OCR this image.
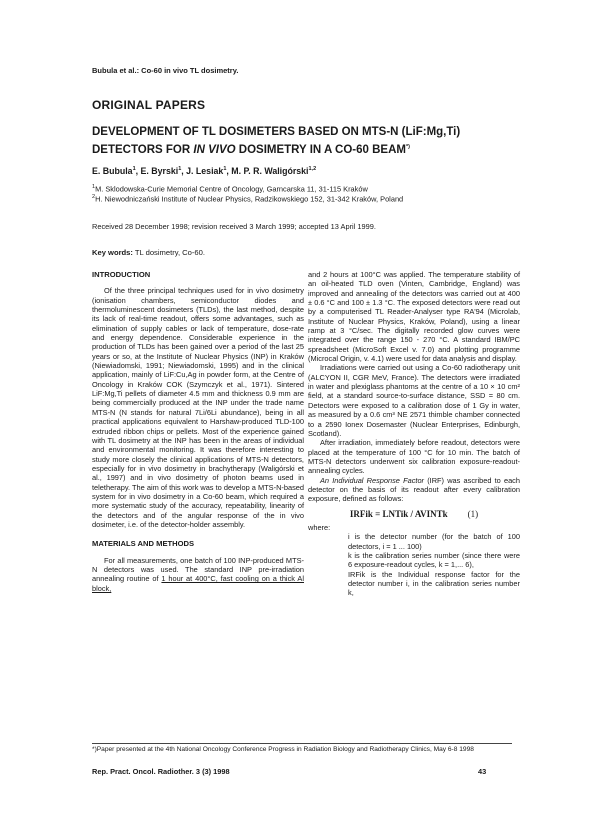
Bubula et al.: Co-60 in vivo TL dosimetry.
ORIGINAL PAPERS
DEVELOPMENT OF TL DOSIMETERS BASED ON MTS-N (LiF:Mg,Ti)
DETECTORS FOR IN VIVO DOSIMETRY IN A CO-60 BEAM*)
E. Bubula$^1$, E. Byrski$^1$, J. Lesiak$^1$, M. P. R. Waligórski$^{1,2}$
$^1$M. Sklodowska-Curie Memorial Centre of Oncology, Garncarska 11, 31-115 Kraków
$^2$H. Niewodniczański Institute of Nuclear Physics, Radzikowskiego 152, 31-342 Kraków, Poland
Received 28 December 1998; revision received 3 March 1999; accepted 13 April 1999.
Key words: TL dosimetry, Co-60.
INTRODUCTION

Of the three principal techniques used for in vivo dosimetry (ionisation chambers, semiconductor diodes and thermoluminescent dosimeters (TLDs), the last method, despite its lack of real-time readout, offers some advantages, such as elimination of supply cables or lack of temperature, dose-rate and energy dependence. Considerable experience in the production of TLDs has been gained over a period of the last 25 years or so, at the Institute of Nuclear Physics (INP) in Kraków (Niewiadomski, 1991; Niewiadomski, 1995) and in the clinical application, mainly of LiF:Cu,Ag in powder form, at the Centre of Oncology in Kraków COK (Szymczyk et al., 1971). Sintered LiF:Mg,Ti pellets of diameter 4.5 mm and thickness 0.9 mm are being commercially produced at the INP under the trade name MTS-N (N stands for natural 7Li/6Li abundance), being in all practical applications equivalent to Harshaw-produced TLD-100 extruded ribbon chips or pellets. Most of the experience gained with TL dosimetry at the INP has been in the areas of individual and environmental monitoring. It was therefore interesting to study more closely the clinical applications of MTS-N detectors, especially for in vivo dosimetry in brachytherapy (Waligórski et al., 1997) and in vivo dosimetry of photon beams used in teletherapy. The aim of this work was to develop a MTS-N-based system for in vivo dosimetry in a Co-60 beam, which required a more systematic study of the accuracy, repeatability, linearity of the detectors and of the angular response of the in vivo dosimeter, i.e. of the detector-holder assembly.

MATERIALS AND METHODS

For all measurements, one batch of 100 INP-produced MTS-N detectors was used. The standard INP pre-irradiation annealing routine of 1 hour at 400°C, fast cooling on a thick Al block,

and 2 hours at 100°C was applied. The temperature stability of an oil-heated TLD oven (Vinten, Cambridge, England) was improved and annealing of the detectors was carried out at 400 ± 0.6 °C and 100 ± 1.3 °C. The exposed detectors were read out by a computerised TL Reader-Analyser type RA'94 (Microlab, Institute of Nuclear Physics, Kraków, Poland), using a linear ramp at 3 °C/sec. The digitally recorded glow curves were integrated over the range 150 - 270 °C. A standard IBM/PC spreadsheet (MicroSoft Excel v. 7.0) and plotting programme (Microcal Origin, v. 4.1) were used for data analysis and display.

Irradiations were carried out using a Co-60 radiotherapy unit (ALCYON II, CGR MeV, France). The detectors were irradiated in water and plexiglass phantoms at the centre of a 10 × 10 cm² field, at a standard source-to-surface distance, SSD = 80 cm. Detectors were exposed to a calibration dose of 1 Gy in water, as measured by a 0.6 cm³ NE 2571 thimble chamber connected to a 2590 Ionex Dosemaster (Nuclear Enterprises, Edinburgh, Scotland).

After irradiation, immediately before readout, detectors were placed at the temperature of 100 °C for 10 min. The batch of MTS-N detectors underwent six calibration exposure-readout-annealing cycles.

An Individual Response Factor (IRF) was ascribed to each detector on the basis of its readout after every calibration exposure, defined as follows:

IRFik = LNTik / AVINTk (1)

where:

i is the detector number (for the batch of 100 detectors, i = 1 ... 100)
k is the calibration series number (since there were 6 exposure-readout cycles, k = 1,... 6),
IRFik is the Individual response factor for the detector number i, in the calibration series number k,
*)Paper presented at the 4th National Oncology Conference Progress in Radiation Biology and Radiotherapy Clinics, May 6-8 1998
Rep. Pract. Oncol. Radiother. 3 (3) 1998	43
